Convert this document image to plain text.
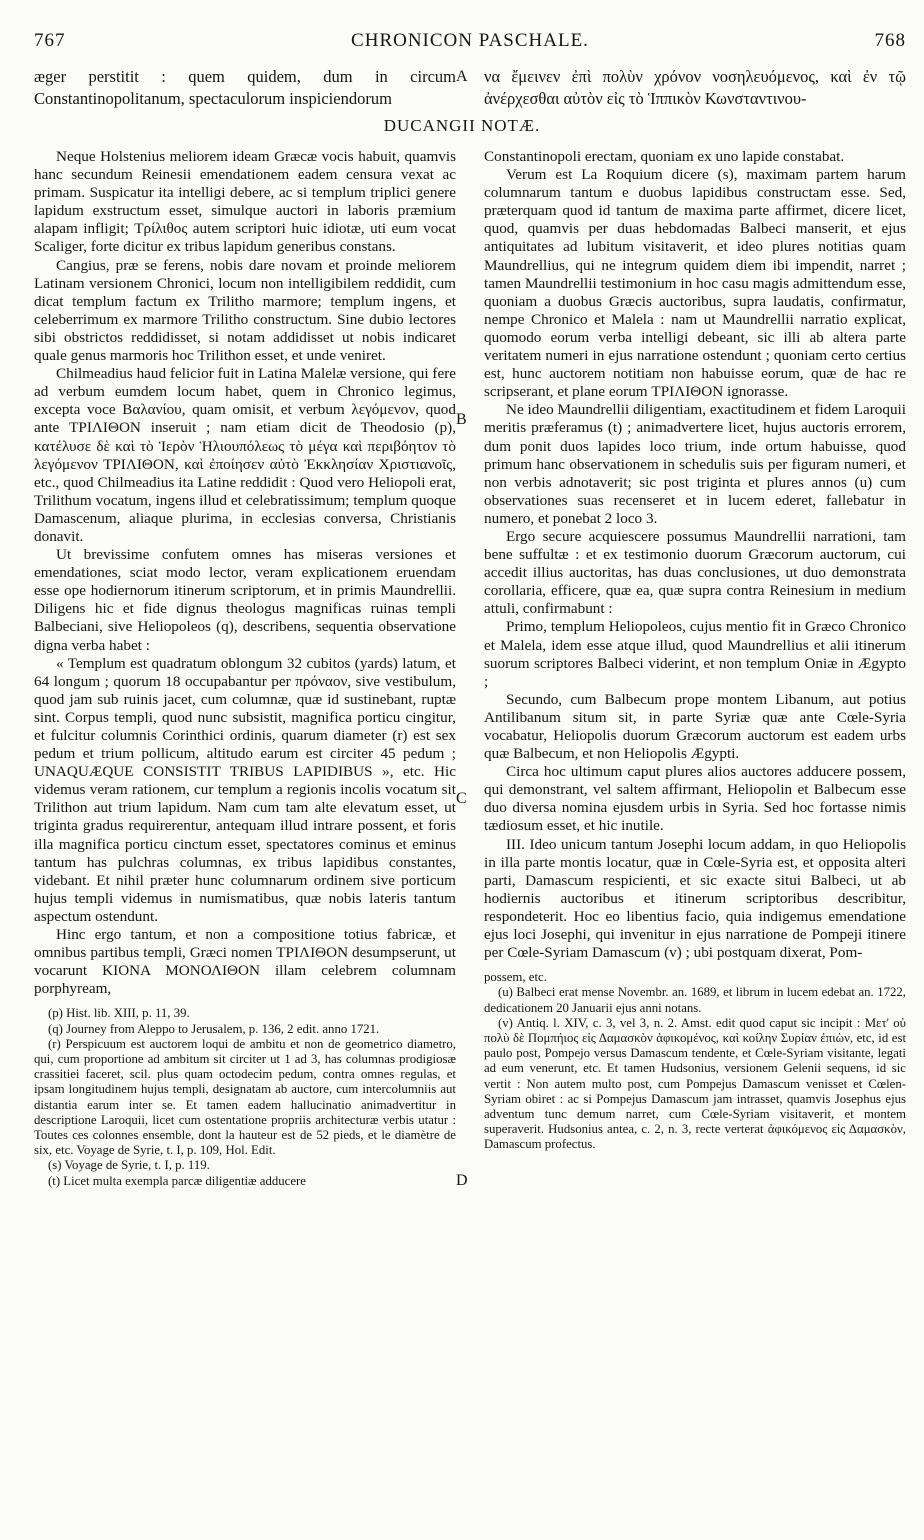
767	CHRONICON PASCHALE.	768
æger perstitit : quem quidem, dum in circum Constantinopolitanum, spectaculorum inspiciendorum
να ἔμεινεν ἐπὶ πολὺν χρόνον νοσηλευόμενος, καὶ ἐν τῷ ἀνέρχεσθαι αὐτὸν εἰς τὸ Ἱππικὸν Κωνσταντινου-
A
DUCANGII NOTÆ.
B
C
D

Neque Holstenius meliorem ideam Græcæ vocis habuit, quamvis hanc secundum Reinesii emendationem eadem censura vexat ac primam. Suspicatur ita intelligi debere, ac si templum triplici genere lapidum exstructum esset, simulque auctori in laboris præmium alapam infligit; Τρίλιθος autem scriptori huic idiotæ, uti eum vocat Scaliger, forte dicitur ex tribus lapidum generibus constans.

Cangius, præ se ferens, nobis dare novam et proinde meliorem Latinam versionem Chronici, locum non intelligibilem reddidit, cum dicat templum factum ex Trilitho marmore; templum ingens, et celeberrimum ex marmore Trilitho constructum. Sine dubio lectores sibi obstrictos reddidisset, si notam addidisset ut nobis indicaret quale genus marmoris hoc Trilithon esset, et unde veniret.

Chilmeadius haud felicior fuit in Latina Malelæ versione, qui fere ad verbum eumdem locum habet, quem in Chronico legimus, excepta voce Βαλανίου, quam omisit, et verbum λεγόμενον, quod ante ΤΡΙΛΙΘΟΝ inseruit ; nam etiam dicit de Theodosio (p), κατέλυσε δὲ καὶ τὸ Ἱερὸν Ἡλιουπόλεως τὸ μέγα καὶ περιβόητον τὸ λεγόμενον ΤΡΙΛΙΘΟΝ, καὶ ἐποίησεν αὐτὸ Ἐκκλησίαν Χριστιανοῖς, etc., quod Chilmeadius ita Latine reddidit : Quod vero Heliopoli erat, Trilithum vocatum, ingens illud et celebratissimum; templum quoque Damascenum, aliaque plurima, in ecclesias conversa, Christianis donavit.

Ut brevissime confutem omnes has miseras versiones et emendationes, sciat modo lector, veram explicationem eruendam esse ope hodiernorum itinerum scriptorum, et in primis Maundrellii. Diligens hic et fide dignus theologus magnificas ruinas templi Balbeciani, sive Heliopoleos (q), describens, sequentia observatione digna verba habet :

« Templum est quadratum oblongum 32 cubitos (yards) latum, et 64 longum ; quorum 18 occupabantur per πρόναον, sive vestibulum, quod jam sub ruinis jacet, cum columnæ, quæ id sustinebant, ruptæ sint. Corpus templi, quod nunc subsistit, magnifica porticu cingitur, et fulcitur columnis Corinthici ordinis, quarum diameter (r) est sex pedum et trium pollicum, altitudo earum est circiter 45 pedum ; UNAQUÆQUE CONSISTIT TRIBUS LAPIDIBUS », etc. Hic videmus veram rationem, cur templum a regionis incolis vocatum sit Trilithon aut trium lapidum. Nam cum tam alte elevatum esset, ut triginta gradus requirerentur, antequam illud intrare possent, et foris illa magnifica porticu cinctum esset, spectatores cominus et eminus tantum has pulchras columnas, ex tribus lapidibus constantes, videbant. Et nihil præter hunc columnarum ordinem sive porticum hujus templi videmus in numismatibus, quæ nobis lateris tantum aspectum ostendunt.

Hinc ergo tantum, et non a compositione totius fabricæ, et omnibus partibus templi, Græci nomen ΤΡΙΛΙΘΟΝ desumpserunt, ut vocarunt ΚΙΟΝΑ ΜΟΝΟΛΙΘΟΝ illam celebrem columnam porphyream,

(p) Hist. lib. XIII, p. 11, 39.

(q) Journey from Aleppo to Jerusalem, p. 136, 2 edit. anno 1721.

(r) Perspicuum est auctorem loqui de ambitu et non de geometrico diametro, qui, cum proportione ad ambitum sit circiter ut 1 ad 3, has columnas prodigiosæ crassitiei faceret, scil. plus quam octodecim pedum, contra omnes regulas, et ipsam longitudinem hujus templi, designatam ab auctore, cum intercolumniis aut distantia earum inter se. Et tamen eadem hallucinatio animadvertitur in descriptione Laroquii, licet cum ostentatione propriis architecturæ verbis utatur : Toutes ces colonnes ensemble, dont la hauteur est de 52 pieds, et le diamètre de six, etc. Voyage de Syrie, t. I, p. 109, Hol. Edit.

(s) Voyage de Syrie, t. I, p. 119.

(t) Licet multa exempla parcæ diligentiæ adducere

Constantinopoli erectam, quoniam ex uno lapide constabat.

Verum est La Roquium dicere (s), maximam partem harum columnarum tantum e duobus lapidibus constructam esse. Sed, præterquam quod id tantum de maxima parte affirmet, dicere licet, quod, quamvis per duas hebdomadas Balbeci manserit, et ejus antiquitates ad lubitum visitaverit, et ideo plures notitias quam Maundrellius, qui ne integrum quidem diem ibi impendit, narret ; tamen Maundrellii testimonium in hoc casu magis admittendum esse, quoniam a duobus Græcis auctoribus, supra laudatis, confirmatur, nempe Chronico et Malela : nam ut Maundrellii narratio explicat, quomodo eorum verba intelligi debeant, sic illi ab altera parte veritatem numeri in ejus narratione ostendunt ; quoniam certo certius est, hunc auctorem notitiam non habuisse eorum, quæ de hac re scripserant, et plane eorum ΤΡΙΛΙΘΟΝ ignorasse.

Ne ideo Maundrellii diligentiam, exactitudinem et fidem Laroquii meritis præferamus (t) ; animadvertere licet, hujus auctoris errorem, dum ponit duos lapides loco trium, inde ortum habuisse, quod primum hanc observationem in schedulis suis per figuram numeri, et non verbis adnotaverit; sic post triginta et plures annos (u) cum observationes suas recenseret et in lucem ederet, fallebatur in numero, et ponebat 2 loco 3.

Ergo secure acquiescere possumus Maundrellii narrationi, tam bene suffultæ : et ex testimonio duorum Græcorum auctorum, cui accedit illius auctoritas, has duas conclusiones, ut duo demonstrata corollaria, efficere, quæ ea, quæ supra contra Reinesium in medium attuli, confirmabunt :

Primo, templum Heliopoleos, cujus mentio fit in Græco Chronico et Malela, idem esse atque illud, quod Maundrellius et alii itinerum suorum scriptores Balbeci viderint, et non templum Oniæ in Ægypto ;

Secundo, cum Balbecum prope montem Libanum, aut potius Antilibanum situm sit, in parte Syriæ quæ ante Cœle-Syria vocabatur, Heliopolis duorum Græcorum auctorum est eadem urbs quæ Balbecum, et non Heliopolis Ægypti.

Circa hoc ultimum caput plures alios auctores adducere possem, qui demonstrant, vel saltem affirmant, Heliopolin et Balbecum esse duo diversa nomina ejusdem urbis in Syria. Sed hoc fortasse nimis tædiosum esset, et hic inutile.

III. Ideo unicum tantum Josephi locum addam, in quo Heliopolis in illa parte montis locatur, quæ in Cœle-Syria est, et opposita alteri parti, Damascum respicienti, et sic exacte situi Balbeci, ut ab hodiernis auctoribus et itinerum scriptoribus describitur, respondeterit. Hoc eo libentius facio, quia indigemus emendatione ejus loci Josephi, qui invenitur in ejus narratione de Pompeji itinere per Cœle-Syriam Damascum (v) ; ubi postquam dixerat, Pom-

possem, etc.

(u) Balbeci erat mense Novembr. an. 1689, et librum in lucem edebat an. 1722, dedicationem 20 Januarii ejus anni notans.

(v) Antiq. l. XIV, c. 3, vel 3, n. 2. Amst. edit quod caput sic incipit : Μετ' οὐ πολὺ δὲ Πομπήιος εἰς Δαμασκὸν ἀφικομένος, καὶ κοίλην Συρίαν ἐπιὼν, etc, id est paulo post, Pompejo versus Damascum tendente, et Cœle-Syriam visitante, legati ad eum venerunt, etc. Et tamen Hudsonius, versionem Gelenii sequens, id sic vertit : Non autem multo post, cum Pompejus Damascum venisset et Cœlen-Syriam obiret : ac si Pompejus Damascum jam intrasset, quamvis Josephus ejus adventum tunc demum narret, cum Cœle-Syriam visitaverit, et montem superaverit. Hudsonius antea, c. 2, n. 3, recte verterat ἀφικόμενος εἰς Δαμασκὸν, Damascum profectus.
